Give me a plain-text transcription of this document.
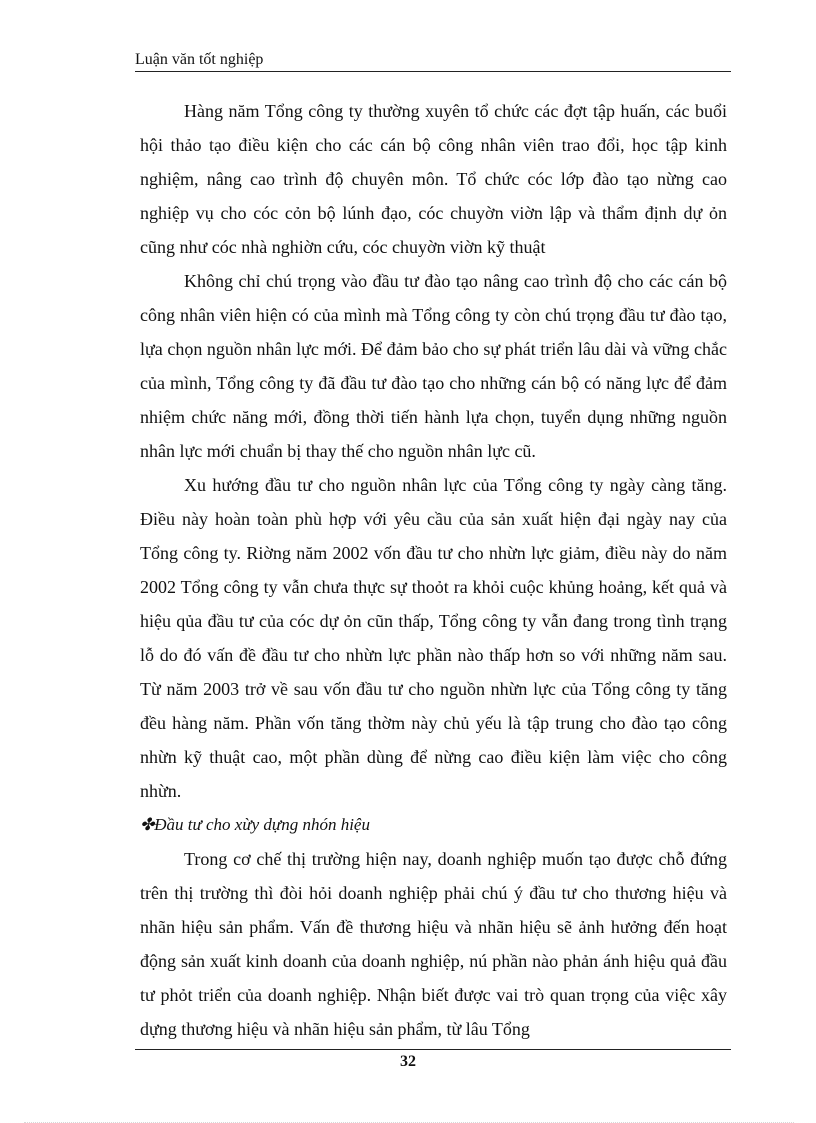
Luận văn tốt nghiệp

Hàng năm Tổng công ty thường xuyên tổ chức các đợt tập huấn, các buổi hội thảo tạo điều kiện cho các cán bộ công nhân viên trao đổi, học tập kinh nghiệm, nâng cao trình độ chuyên môn. Tổ chức cóc lớp đào tạo nừng cao nghiệp vụ cho cóc cỏn bộ lúnh đạo, cóc chuyờn viờn lập và thẩm định dự ỏn cũng như cóc nhà nghiờn cứu, cóc chuyờn viờn kỹ thuật

Không chỉ chú trọng vào đầu tư đào tạo nâng cao trình độ cho các cán bộ công nhân viên hiện có của mình mà Tổng công ty còn chú trọng đầu tư đào tạo, lựa chọn nguồn nhân lực mới. Để đảm bảo cho sự phát triển lâu dài và vững chắc của mình, Tổng công ty đã đầu tư đào tạo cho những cán bộ có năng lực để đảm nhiệm chức năng mới, đồng thời tiến hành lựa chọn, tuyển dụng những nguồn nhân lực mới chuẩn bị thay thế cho nguồn nhân lực cũ.

Xu hướng đầu tư cho nguồn nhân lực của Tổng công ty ngày càng tăng. Điều này hoàn toàn phù hợp với yêu cầu của sản xuất hiện đại ngày nay của Tổng công ty. Riờng năm 2002 vốn đầu tư cho nhừn lực giảm, điều này do năm 2002 Tổng công ty vẫn chưa thực sự thoỏt ra khỏi cuộc khủng hoảng, kết quả và hiệu qủa đầu tư của cóc dự ỏn cũn thấp, Tổng công ty vẫn đang trong tình trạng lỗ do đó vấn đề đầu tư cho nhừn lực phần nào thấp hơn so với những năm sau. Từ năm 2003 trở về sau vốn đầu tư cho nguồn nhừn lực của Tổng công ty tăng đều hàng năm. Phần vốn tăng thờm này chủ yếu là tập trung cho đào tạo công nhừn kỹ thuật cao, một phần dùng để nừng cao điều kiện làm việc cho công nhừn.

✤Đầu tư cho xừy dựng nhón hiệu

Trong cơ chế thị trường hiện nay, doanh nghiệp muốn tạo được chỗ đứng trên thị trường thì đòi hỏi doanh nghiệp phải chú ý đầu tư cho thương hiệu và nhãn hiệu sản phẩm. Vấn đề thương hiệu và nhãn hiệu sẽ ảnh hưởng đến hoạt động sản xuất kinh doanh của doanh nghiệp, nú phần nào phản ánh hiệu quả đầu tư phỏt triển của doanh nghiệp. Nhận biết được vai trò quan trọng của việc xây dựng thương hiệu và nhãn hiệu sản phẩm, từ lâu Tổng

32
